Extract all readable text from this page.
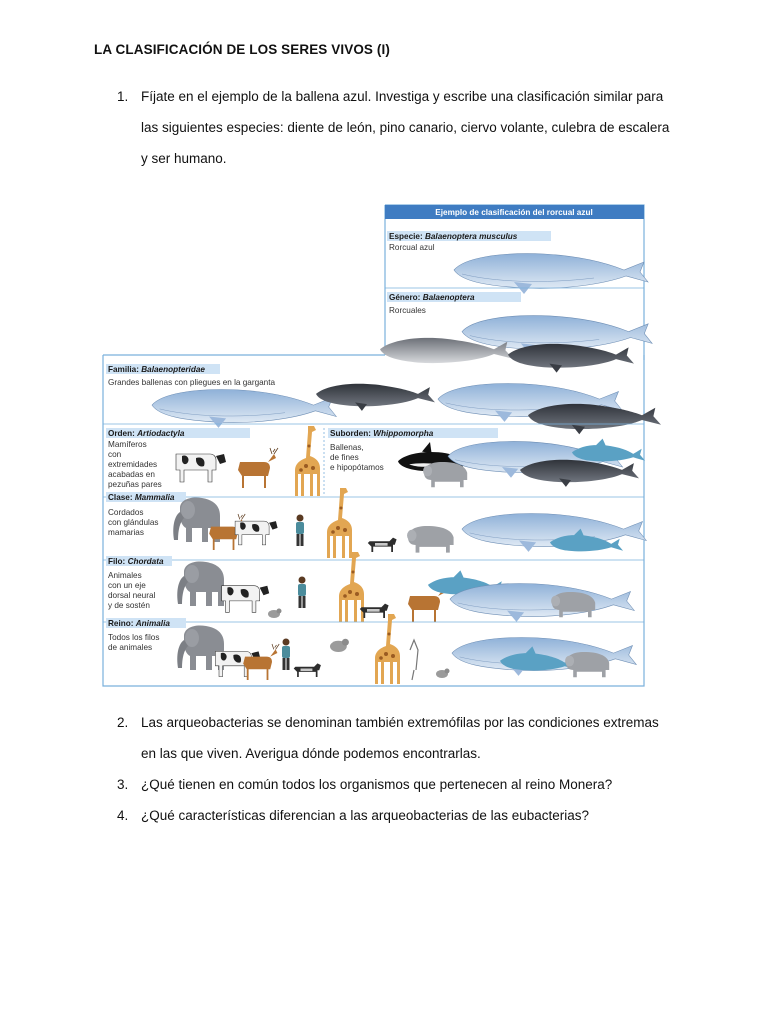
LA CLASIFICACIÓN DE LOS SERES VIVOS (I)
1. Fíjate en el ejemplo de la ballena azul. Investiga y escribe una clasificación similar para las siguientes especies: diente de león, pino canario, ciervo volante, culebra de escalera y ser humano.
2. Las arqueobacterias se denominan también extremófilas por las condiciones extremas en las que viven. Averigua dónde podemos encontrarlas.
3. ¿Qué tienen en común todos los organismos que pertenecen al reino Monera?
4. ¿Qué características diferencian a las arqueobacterias de las eubacterias?
Ejemplo de clasificación del rorcual azul
Especie: Balaenoptera musculus
Rorcual azul
Género: Balaenoptera
Rorcuales
Familia: Balaenopteridae
Grandes ballenas con pliegues en la garganta
Orden: Artiodactyla
Mamíferos
con
extremidades
acabadas en
pezuñas pares
Suborden: Whippomorpha
Ballenas,
de fines
e hipopótamos
Clase: Mammalia
Cordados
con glándulas
mamarias
Filo: Chordata
Animales
con un eje
dorsal neural
y de sostén
Reino: Animalia
Todos los filos
de animales
